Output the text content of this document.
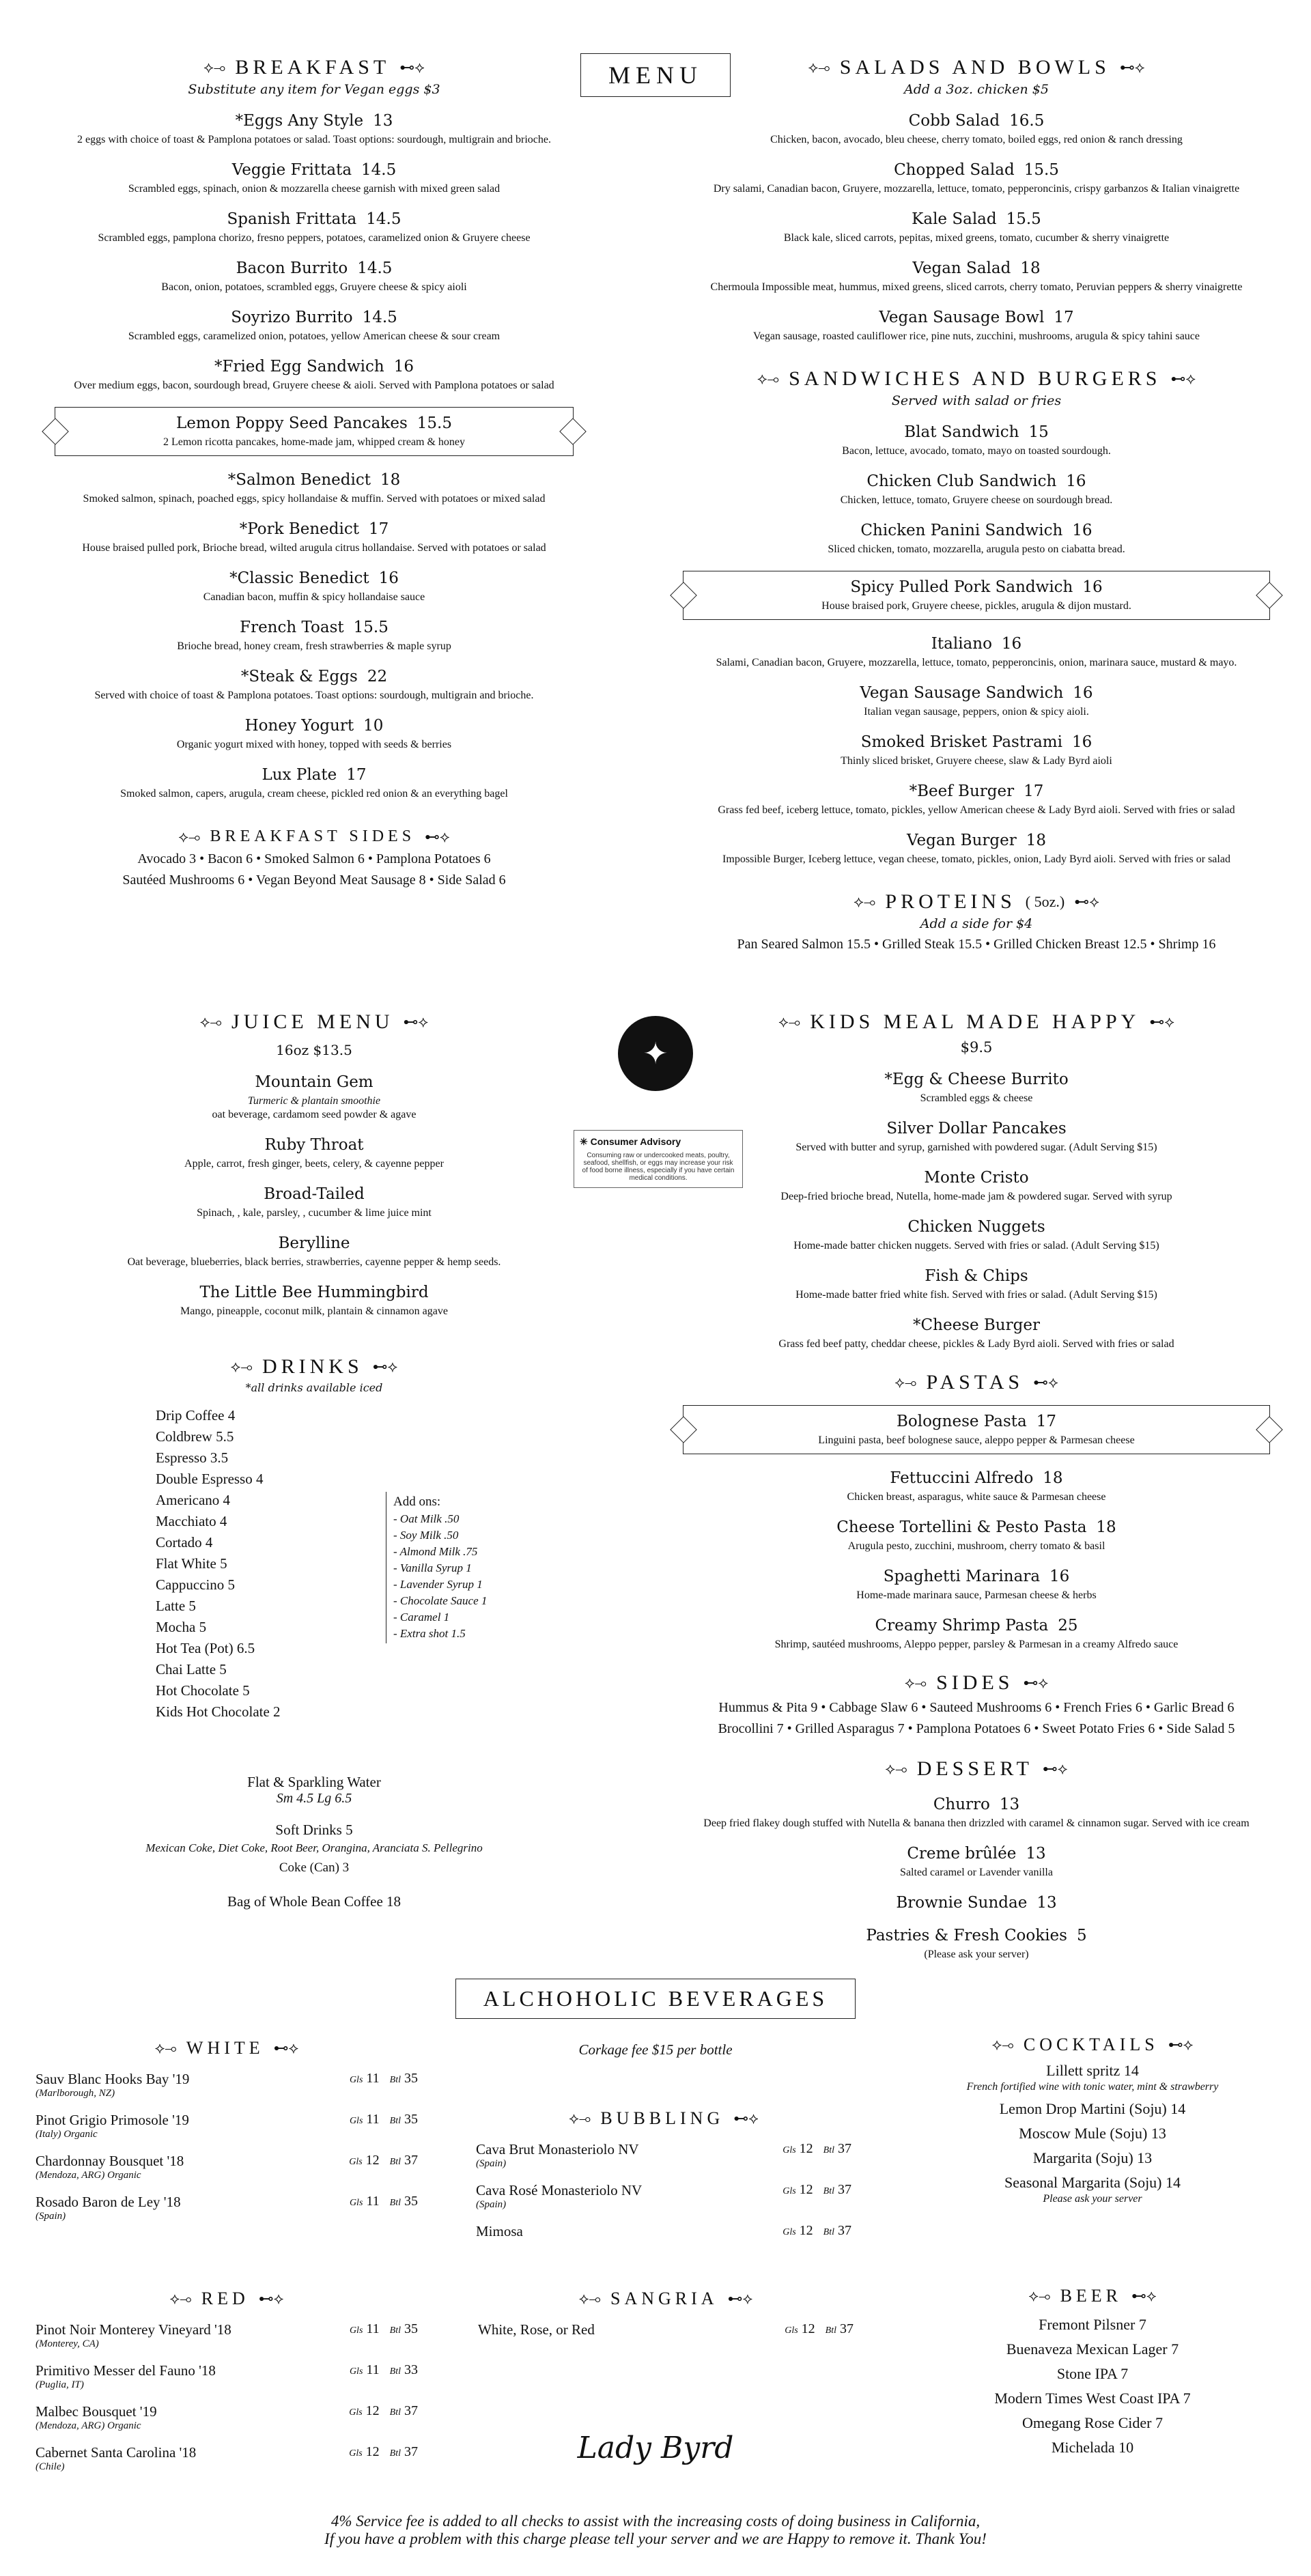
⟡⊸ BREAKFAST ⊷⟡
Substitute any item for Vegan eggs $3
*Eggs Any Style 13
2 eggs with choice of toast & Pamplona potatoes or salad. Toast options: sourdough, multigrain and brioche.
Veggie Frittata 14.5
Scrambled eggs, spinach, onion & mozzarella cheese garnish with mixed green salad
Spanish Frittata 14.5
Scrambled eggs, pamplona chorizo, fresno peppers, potatoes, caramelized onion & Gruyere cheese
Bacon Burrito 14.5
Bacon, onion, potatoes, scrambled eggs, Gruyere cheese & spicy aioli
Soyrizo Burrito 14.5
Scrambled eggs, caramelized onion, potatoes, yellow American cheese & sour cream
*Fried Egg Sandwich 16
Over medium eggs, bacon, sourdough bread, Gruyere cheese & aioli. Served with Pamplona potatoes or salad
Lemon Poppy Seed Pancakes 15.5
2 Lemon ricotta pancakes, home-made jam, whipped cream & honey
*Salmon Benedict 18
Smoked salmon, spinach, poached eggs, spicy hollandaise & muffin. Served with potatoes or mixed salad
*Pork Benedict 17
House braised pulled pork, Brioche bread, wilted arugula citrus hollandaise. Served with potatoes or salad
*Classic Benedict 16
Canadian bacon, muffin & spicy hollandaise sauce
French Toast 15.5
Brioche bread, honey cream, fresh strawberries & maple syrup
*Steak & Eggs 22
Served with choice of toast & Pamplona potatoes. Toast options: sourdough, multigrain and brioche.
Honey Yogurt 10
Organic yogurt mixed with honey, topped with seeds & berries
Lux Plate 17
Smoked salmon, capers, arugula, cream cheese, pickled red onion & an everything bagel
⟡⊸ BREAKFAST SIDES ⊷⟡
Avocado 3 • Bacon 6 • Smoked Salmon 6 • Pamplona Potatoes 6
Sautéed Mushrooms 6 • Vegan Beyond Meat Sausage 8 • Side Salad 6
MENU	⟡⊸ SALADS AND BOWLS ⊷⟡
Add a 3oz. chicken $5
Cobb Salad 16.5
Chicken, bacon, avocado, bleu cheese, cherry tomato, boiled eggs, red onion & ranch dressing
Chopped Salad 15.5
Dry salami, Canadian bacon, Gruyere, mozzarella, lettuce, tomato, pepperoncinis, crispy garbanzos & Italian vinaigrette
Kale Salad 15.5
Black kale, sliced carrots, pepitas, mixed greens, tomato, cucumber & sherry vinaigrette
Vegan Salad 18
Chermoula Impossible meat, hummus, mixed greens, sliced carrots, cherry tomato, Peruvian peppers & sherry vinaigrette
Vegan Sausage Bowl 17
Vegan sausage, roasted cauliflower rice, pine nuts, zucchini, mushrooms, arugula & spicy tahini sauce
⟡⊸ SANDWICHES AND BURGERS ⊷⟡
Served with salad or fries
Blat Sandwich 15
Bacon, lettuce, avocado, tomato, mayo on toasted sourdough.
Chicken Club Sandwich 16
Chicken, lettuce, tomato, Gruyere cheese on sourdough bread.
Chicken Panini Sandwich 16
Sliced chicken, tomato, mozzarella, arugula pesto on ciabatta bread.
Spicy Pulled Pork Sandwich 16
House braised pork, Gruyere cheese, pickles, arugula & dijon mustard.
Italiano 16
Salami, Canadian bacon, Gruyere, mozzarella, lettuce, tomato, pepperoncinis, onion, marinara sauce, mustard & mayo.
Vegan Sausage Sandwich 16
Italian vegan sausage, peppers, onion & spicy aioli.
Smoked Brisket Pastrami 16
Thinly sliced brisket, Gruyere cheese, slaw & Lady Byrd aioli
*Beef Burger 17
Grass fed beef, iceberg lettuce, tomato, pickles, yellow American cheese & Lady Byrd aioli. Served with fries or salad
Vegan Burger 18
Impossible Burger, Iceberg lettuce, vegan cheese, tomato, pickles, onion, Lady Byrd aioli. Served with fries or salad
⟡⊸ PROTEINS ( 5oz.) ⊷⟡
Add a side for $4
Pan Seared Salmon 15.5 • Grilled Steak 15.5 • Grilled Chicken Breast 12.5 • Shrimp 16
⟡⊸ JUICE MENU ⊷⟡
16oz $13.5
Mountain Gem
Turmeric & plantain smoothie
oat beverage, cardamom seed powder & agave
Ruby Throat
Apple, carrot, fresh ginger, beets, celery, & cayenne pepper
Broad-Tailed
Spinach, , kale, parsley, , cucumber & lime juice mint
Berylline
Oat beverage, blueberries, black berries, strawberries, cayenne pepper & hemp seeds.
The Little Bee Hummingbird
Mango, pineapple, coconut milk, plantain & cinnamon agave
✦
✳ Consumer Advisory
Consuming raw or undercooked meats, poultry, seafood, shellfish, or eggs may increase your risk of food borne illness, especially if you have certain medical conditions.
⟡⊸ DRINKS ⊷⟡
*all drinks available iced
Drip Coffee 4
Coldbrew 5.5
Espresso 3.5
Double Espresso 4
Americano 4
Macchiato 4
Cortado 4
Flat White 5
Cappuccino 5
Latte 5
Mocha 5
Hot Tea (Pot) 6.5
Chai Latte 5
Hot Chocolate 5
Kids Hot Chocolate 2
Add ons:
- Oat Milk .50
- Soy Milk .50
- Almond Milk .75
- Vanilla Syrup 1
- Lavender Syrup 1
- Chocolate Sauce 1
- Caramel 1
- Extra shot 1.5
Flat & Sparkling Water
Sm 4.5 Lg 6.5
Soft Drinks 5
Mexican Coke, Diet Coke, Root Beer, Orangina, Aranciata S. Pellegrino
Coke (Can) 3
Bag of Whole Bean Coffee 18
⟡⊸ KIDS MEAL MADE HAPPY ⊷⟡
$9.5
*Egg & Cheese Burrito
Scrambled eggs & cheese
Silver Dollar Pancakes
Served with butter and syrup, garnished with powdered sugar. (Adult Serving $15)
Monte Cristo
Deep-fried brioche bread, Nutella, home-made jam & powdered sugar. Served with syrup
Chicken Nuggets
Home-made batter chicken nuggets. Served with fries or salad. (Adult Serving $15)
Fish & Chips
Home-made batter fried white fish. Served with fries or salad. (Adult Serving $15)
*Cheese Burger
Grass fed beef patty, cheddar cheese, pickles & Lady Byrd aioli. Served with fries or salad
⟡⊸ PASTAS ⊷⟡
Bolognese Pasta 17
Linguini pasta, beef bolognese sauce, aleppo pepper & Parmesan cheese
Fettuccini Alfredo 18
Chicken breast, asparagus, white sauce & Parmesan cheese
Cheese Tortellini & Pesto Pasta 18
Arugula pesto, zucchini, mushroom, cherry tomato & basil
Spaghetti Marinara 16
Home-made marinara sauce, Parmesan cheese & herbs
Creamy Shrimp Pasta 25
Shrimp, sautéed mushrooms, Aleppo pepper, parsley & Parmesan in a creamy Alfredo sauce
⟡⊸ SIDES ⊷⟡
Hummus & Pita 9 • Cabbage Slaw 6 • Sauteed Mushrooms 6 • French Fries 6 • Garlic Bread 6
Brocollini 7 • Grilled Asparagus 7 • Pamplona Potatoes 6 • Sweet Potato Fries 6 • Side Salad 5
⟡⊸ DESSERT ⊷⟡
Churro 13
Deep fried flakey dough stuffed with Nutella & banana then drizzled with caramel & cinnamon sugar. Served with ice cream
Creme brûlée 13
Salted caramel or Lavender vanilla
Brownie Sundae 13
Pastries & Fresh Cookies 5
(Please ask your server)
ALCHOHOLIC BEVERAGES
⟡⊸ WHITE ⊷⟡
Sauv Blanc Hooks Bay '19
(Marlborough, NZ)
Gls 11 Btl 35
Pinot Grigio Primosole '19
(Italy) Organic
Gls 11 Btl 35
Chardonnay Bousquet '18
(Mendoza, ARG) Organic
Gls 12 Btl 37
Rosado Baron de Ley '18
(Spain)
Gls 11 Btl 35
Corkage fee $15 per bottle
⟡⊸ BUBBLING ⊷⟡
Cava Brut Monasteriolo NV
(Spain)
Gls 12 Btl 37
Cava Rosé Monasteriolo NV
(Spain)
Gls 12 Btl 37
Mimosa	Gls 12 Btl 37
⟡⊸ COCKTAILS ⊷⟡
Lillett spritz 14
French fortified wine with tonic water, mint & strawberry
Lemon Drop Martini (Soju) 14
Moscow Mule (Soju) 13
Margarita (Soju) 13
Seasonal Margarita (Soju) 14
Please ask your server
⟡⊸ RED ⊷⟡
Pinot Noir Monterey Vineyard '18
(Monterey, CA)
Gls 11 Btl 35
Primitivo Messer del Fauno '18
(Puglia, IT)
Gls 11 Btl 33
Malbec Bousquet '19
(Mendoza, ARG) Organic
Gls 12 Btl 37
Cabernet Santa Carolina '18
(Chile)
Gls 12 Btl 37
⟡⊸ SANGRIA ⊷⟡
White, Rose, or Red	Gls 12 Btl 37
⟡⊸ BEER ⊷⟡
Fremont Pilsner 7
Buenaveza Mexican Lager 7
Stone IPA 7
Modern Times West Coast IPA 7
Omegang Rose Cider 7
Michelada 10
Lady Byrd
4% Service fee is added to all checks to assist with the increasing costs of doing business in California,
If you have a problem with this charge please tell your server and we are Happy to remove it. Thank You!
